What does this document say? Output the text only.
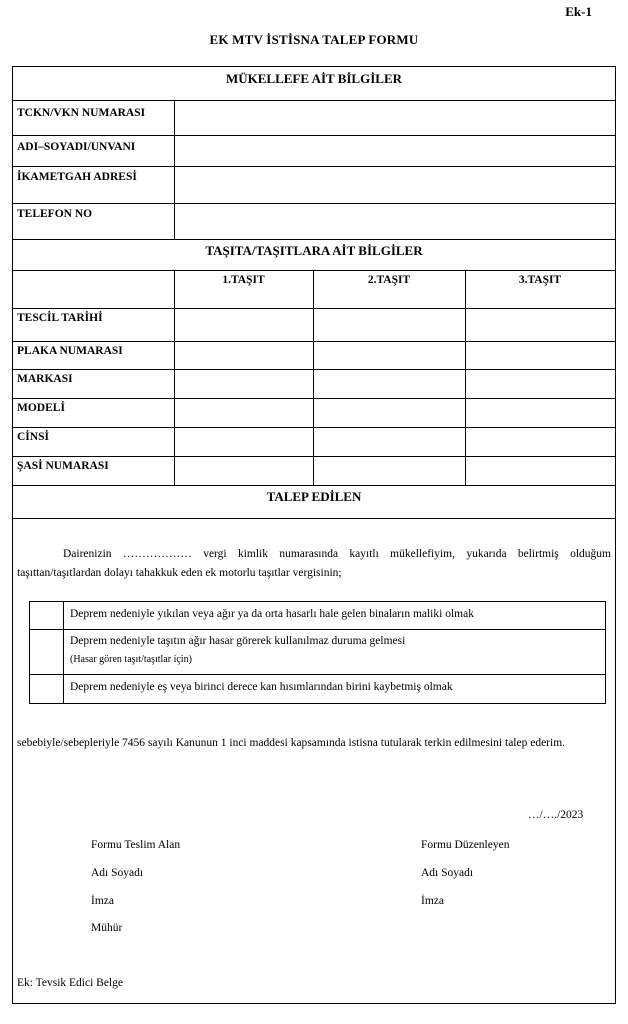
Ek-1
EK MTV İSTİSNA TALEP FORMU
MÜKELLEFE AİT BİLGİLER
TCKN/VKN NUMARASI
ADI–SOYADI/UNVANI
İKAMETGAH ADRESİ
TELEFON NO
TAŞITA/TAŞITLARA AİT BİLGİLER
1.TAŞIT	2.TAŞIT	3.TAŞIT
TESCİL TARİHİ
PLAKA NUMARASI
MARKASI
MODELİ
CİNSİ
ŞASİ NUMARASI
TALEP EDİLEN
Dairenizin ……………… vergi kimlik numarasında kayıtlı mükellefiyim, yukarıda belirtmiş olduğum taşıttan/taşıtlardan dolayı tahakkuk eden ek motorlu taşıtlar vergisinin;
Deprem nedeniyle yıkılan veya ağır ya da orta hasarlı hale gelen binaların maliki olmak
Deprem nedeniyle taşıtın ağır hasar görerek kullanılmaz duruma gelmesi
(Hasar gören taşıt/taşıtlar için)
Deprem nedeniyle eş veya birinci derece kan hısımlarından birini kaybetmiş olmak
sebebiyle/sebepleriyle 7456 sayılı Kanunun 1 inci maddesi kapsamında istisna tutularak terkin edilmesini talep ederim.
…/…./2023
Formu Teslim Alan
Adı Soyadı
İmza
Mühür
Formu Düzenleyen
Adı Soyadı
İmza
Ek: Tevsik Edici Belge
